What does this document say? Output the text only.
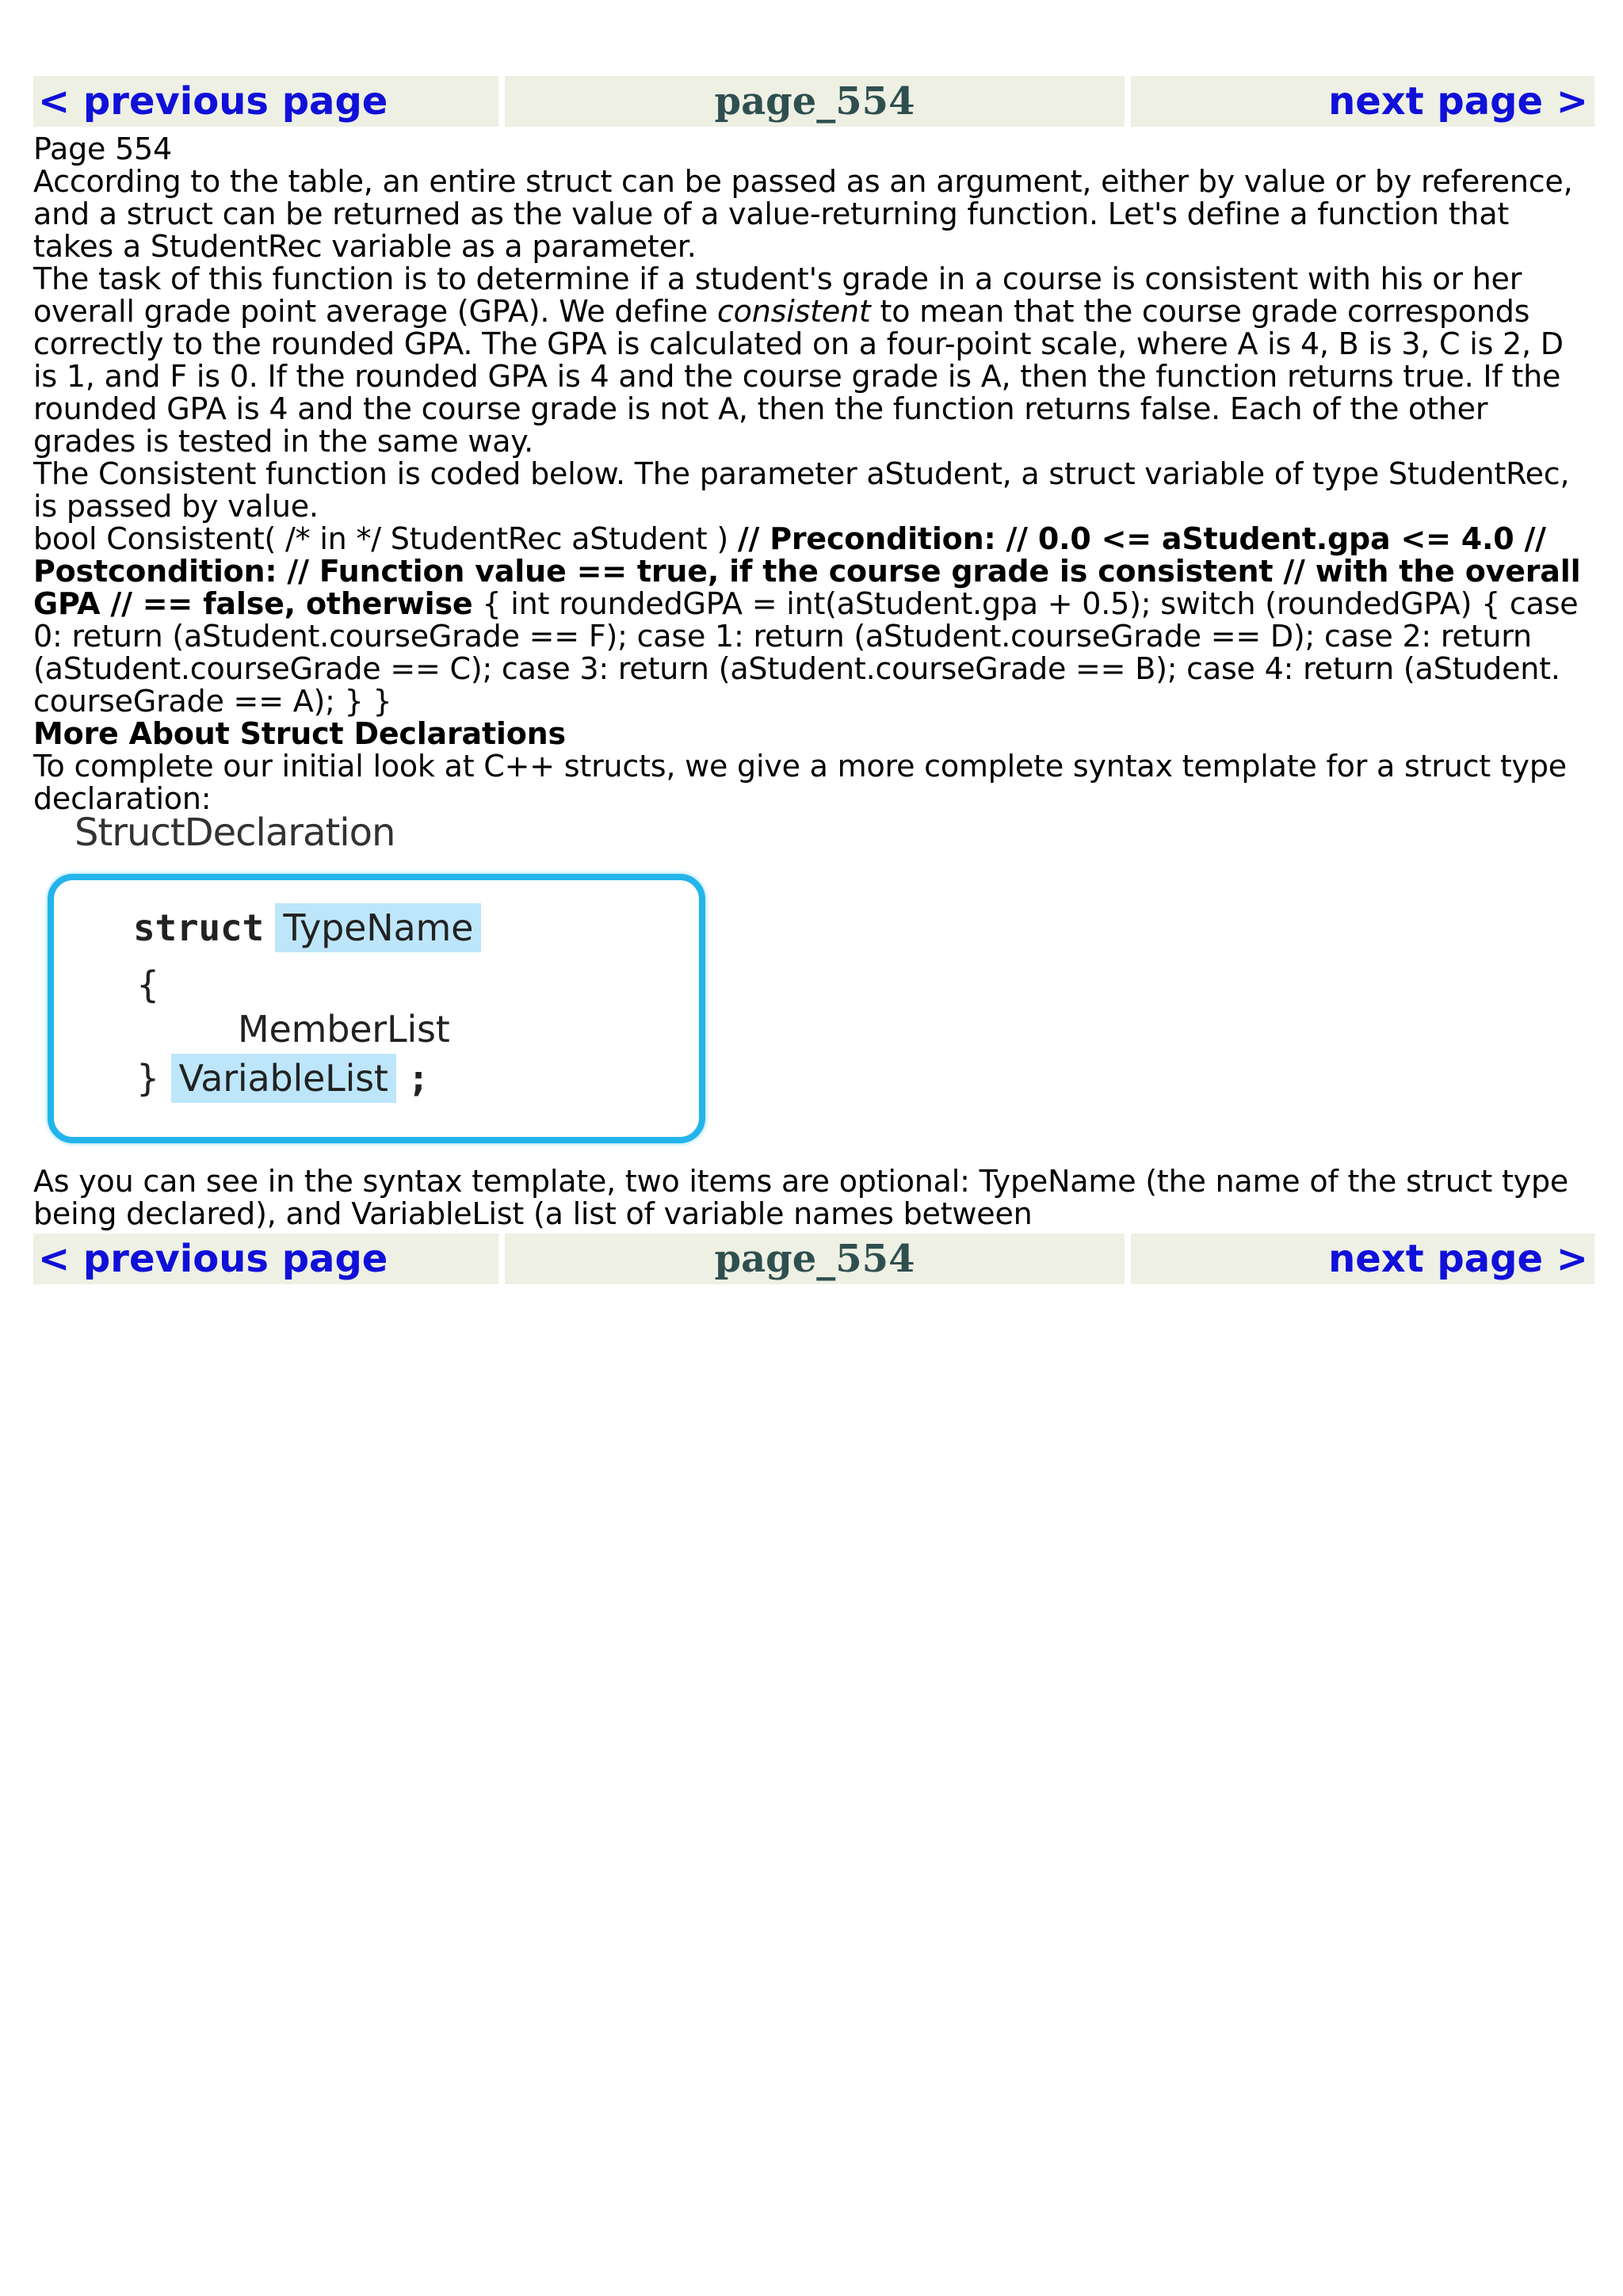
< previous page	page_554	next page >

Page 554

According to the table, an entire struct can be passed as an argument, either by value or by reference, and a struct can be returned as the value of a value-returning function. Let's define a function that takes a StudentRec variable as a parameter.

The task of this function is to determine if a student's grade in a course is consistent with his or her overall grade point average (GPA). We define consistent to mean that the course grade corresponds correctly to the rounded GPA. The GPA is calculated on a four-point scale, where A is 4, B is 3, C is 2, D is 1, and F is 0. If the rounded GPA is 4 and the course grade is A, then the function returns true. If the rounded GPA is 4 and the course grade is not A, then the function returns false. Each of the other grades is tested in the same way.

The Consistent function is coded below. The parameter aStudent, a struct variable of type StudentRec, is passed by value.

bool Consistent( /* in */ StudentRec aStudent ) // Precondition: // 0.0 <= aStudent.gpa <= 4.0 // Postcondition: // Function value == true, if the course grade is consistent // with the overall GPA // == false, otherwise { int roundedGPA = int(aStudent.gpa + 0.5); switch (roundedGPA) { case 0: return (aStudent.courseGrade == F); case 1: return (aStudent.courseGrade == D); case 2: return (aStudent.courseGrade == C); case 3: return (aStudent.courseGrade == B); case 4: return (aStudent. courseGrade == A); } }

More About Struct Declarations

To complete our initial look at C++ structs, we give a more complete syntax template for a struct type declaration:

StructDeclaration
struct TypeName
{
MemberList
} VariableList ;

As you can see in the syntax template, two items are optional: TypeName (the name of the struct type being declared), and VariableList (a list of variable names between

< previous page	page_554	next page >
